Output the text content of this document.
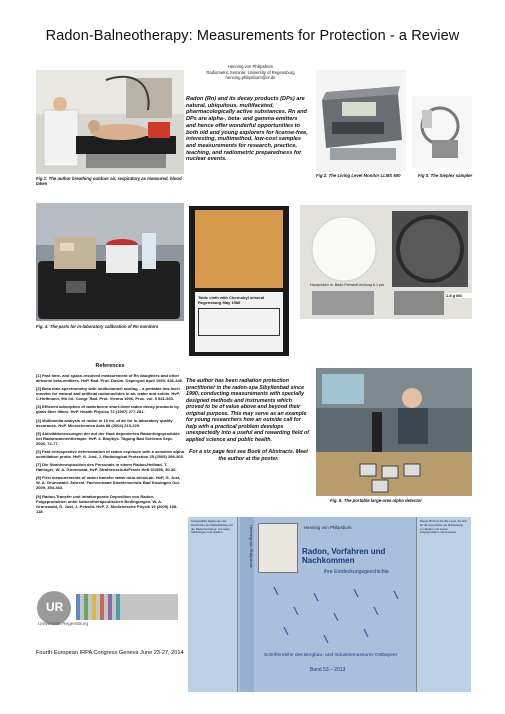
Radon-Balneotherapy: Measurements for Protection - a Review
Henning von Philipsborn
Radiometric Seminar, University of Regensburg
henning.philipsborn@ur.de
Fig 1: The author breathing outdoor air, respiratory as measured, blood taken
Radon (Rn) and its decay products (DPs) are natural, ubiquitous, multifaceted, pharmacologically active substances. Rn and DPs are alpha-, beta- and gamma-emitters and hence offer wonderful opportunities to both old and young explorers for license-free, interesting, multimethod, low-cost samples and measurements for research, practice, teaching, and radiometric preparedness for nuclear events.
Fig 2: The Living Level Monitor LLMS 500	Fig 3: The Sieplex sampler
Fig. 4: The parts for in-laboratory calibration of Rn monitors
Table cloth with Chernobyl mineral Regensburg May 1986
Hautproben nr. Bade-Feinstoff-eichung 6-1 pm
1.8 g M3
References

[1] Fast time- and space-resolved measurement of Rn daughters and other airborne beta-emitters. HvP. Rad. Prot. Dosim. Ospergud April 1993, 436-440.

[2] Beta time-spectrometry with multichannel scaling – a portable low-level monitor for natural and artificial radionuclides in air, water and solids. HvP, C.Hoffmann, 9th Int. Congr. Rad. Prot. Vienna 1996, Proc. vol. II 541-543.

[3] Efficient adsorption of waterborne short-lived radon decay products by glass fiber filters. HvP. Health Physics 72 (1997) 277-281.

[4] Multimedia analysis of radon in 10 mL of air for in-laboratory quality assurance. HvP. Microchemica Acta 88 (2004) 215-229.

[5] Aktivitätsmessungen der auf der Haut deponierten Radonfolgeprodukte bei Radonwannentherapie. HvP. 4. Biophys. Tagung Bad Schlema Sept. 2006, 72-77.

[6] Fast retrospective determination of radon exposure with a sensitive alpha scintillation probe. HvP, G. Just, J. Radiological Protection 25 (2005) 299-303.

[7] Die Strahlenexposition des Personals in einem Radon-Heilbad. T. Haninger, W. A. Grunewald, HvP. StrahlenschutzPraxis Heft 3/1998, 30-36.

[8] First measurements of radon transfer water-skin-blood-air. HvP, G. Just, W. A. Grunewald. Jahresl. Fachverband Strahlenschutz Bad Kissingen Oct. 2009, 354-363.

[9] Radon-Transfer und intrakorporale Deposition von Radon-Folgeprodukten unter balneotherapeutischen Bedingungen. W. A. Grunewald, G. Just, J. Petzold, HvP. Z. Medizinische Physik 19 (2009) 108-118.

The author has been radiation protection practitioner in the radon-spa Sibyllenbad since 1990, conducting measurements with specially designed methods and instruments which proved to be of value above and beyond their original purpose. This may serve as an example for young researchers how an outside call for help with a practical problem develops unexpectedly into a useful and rewarding field of applied science and public health.
For a six page test see Book of Abstracts. Meet the author at the poster.
Fig. 5: The portable large-area alpha detector
UR
Universität Regensburg
Fourth European IRPA Congress Geneva June 23-27, 2014
Ausgewählte Kapitel aus der Geschichte der Radioaktivität und der Radonforschung, mit vielen Abbildungen und Quellen.	Henning von Philipsborn	Henning von Philipsborn
Radon, Vorfahren und Nachkommen
ihre Entdeckungsgeschichte
Schriftenreihe des Bergbau- und Industriemuseums Ostbayern
Band 53 – 2013
Dieses Buch ist für alle Leser, die sich für die Geschichte der Entdeckung von Radon und seinen Folgeprodukten interessieren.
